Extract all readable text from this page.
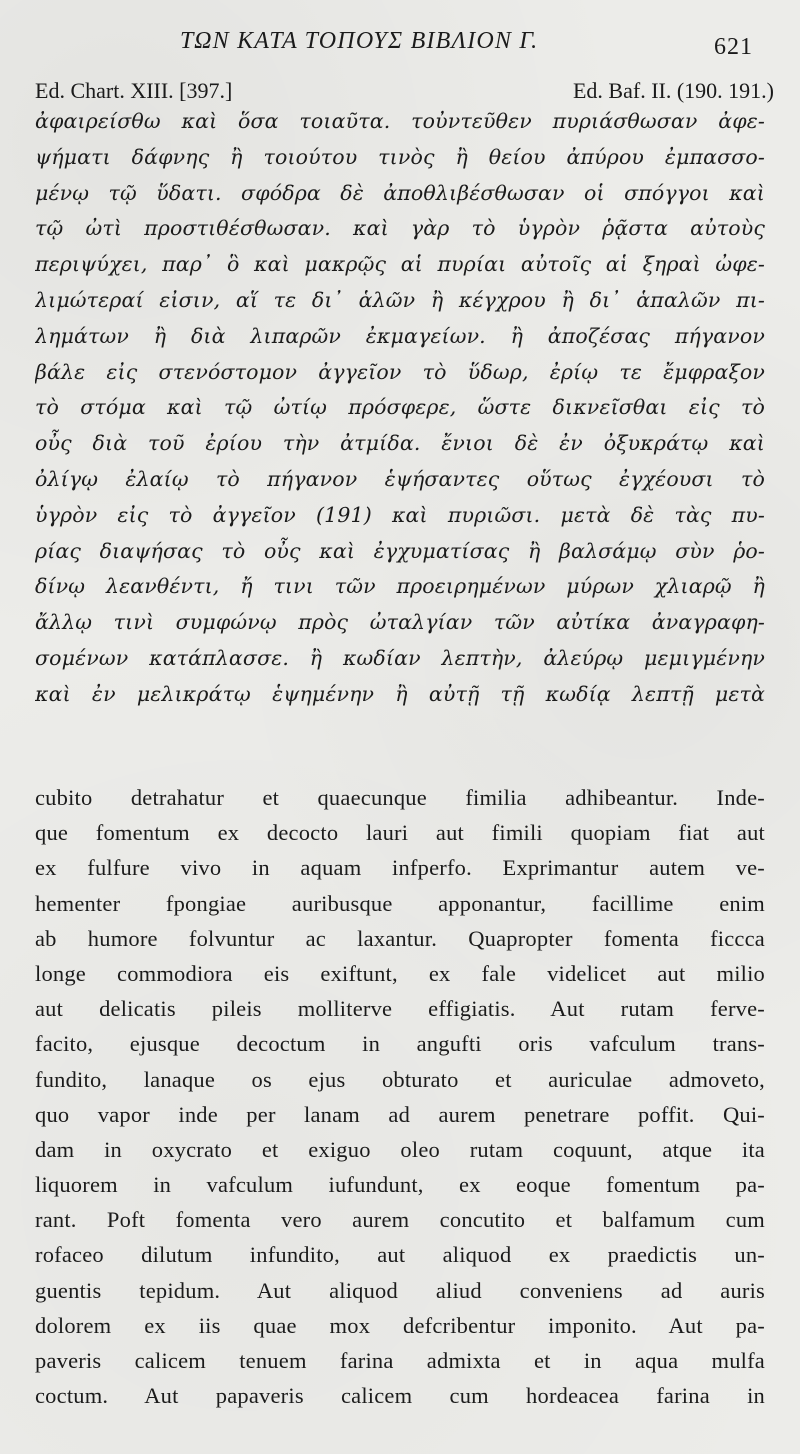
ΤΩΝ ΚΑΤΑ ΤΟΠΟΥΣ ΒΙΒΛΙΟΝ Γ.	621
Ed. Chart. XIII. [397.]	Ed. Baf. II. (190. 191.)
ἀφαιρείσθω καὶ ὅσα τοιαῦτα. τοὐντεῦθεν πυριάσθωσαν ἀφε-
ψήματι δάφνης ἢ τοιούτου τινὸς ἢ θείου ἀπύρου ἐμπασσο-
μένῳ τῷ ὕδατι. σφόδρα δὲ ἀποθλιβέσθωσαν οἱ σπόγγοι καὶ
τῷ ὠτὶ προστιθέσθωσαν. καὶ γὰρ τὸ ὑγρὸν ῥᾷστα αὐτοὺς
περιψύχει, παρ᾿ ὃ καὶ μακρῷς αἱ πυρίαι αὐτοῖς αἱ ξηραὶ ὠφε-
λιμώτεραί εἰσιν, αἵ τε δι᾿ ἁλῶν ἢ κέγχρου ἢ δι᾿ ἁπαλῶν πι-
λημάτων ἢ διὰ λιπαρῶν ἐκμαγείων. ἢ ἀποζέσας πήγανον
βάλε εἰς στενόστομον ἀγγεῖον τὸ ὕδωρ, ἐρίῳ τε ἔμφραξον
τὸ στόμα καὶ τῷ ὠτίῳ πρόσφερε, ὥστε δικνεῖσθαι εἰς τὸ
οὖς διὰ τοῦ ἐρίου τὴν ἀτμίδα. ἔνιοι δὲ ἐν ὀξυκράτῳ καὶ
ὀλίγῳ ἐλαίῳ τὸ πήγανον ἑψήσαντες οὕτως ἐγχέουσι τὸ
ὑγρὸν εἰς τὸ ἀγγεῖον (191) καὶ πυριῶσι. μετὰ δὲ τὰς πυ-
ρίας διαψήσας τὸ οὖς καὶ ἐγχυματίσας ἢ βαλσάμῳ σὺν ῥο-
δίνῳ λεανθέντι, ἤ τινι τῶν προειρημένων μύρων χλιαρῷ ἢ
ἄλλῳ τινὶ συμφώνῳ πρὸς ὠταλγίαν τῶν αὐτίκα ἀναγραφη-
σομένων κατάπλασσε. ἢ κωδίαν λεπτὴν, ἀλεύρῳ μεμιγμένην
καὶ ἐν μελικράτῳ ἑψημένην ἢ αὐτῇ τῇ κωδίᾳ λεπτῇ μετὰ
cubito detrahatur et quaecunque fimilia adhibeantur. Inde-
que fomentum ex decocto lauri aut fimili quopiam fiat aut
ex fulfure vivo in aquam infperfo. Exprimantur autem ve-
hementer fpongiae auribusque apponantur, facillime enim
ab humore folvuntur ac laxantur. Quapropter fomenta ficcca
longe commodiora eis exiftunt, ex fale videlicet aut milio
aut delicatis pileis molliterve effigiatis. Aut rutam ferve-
facito, ejusque decoctum in angufti oris vafculum trans-
fundito, lanaque os ejus obturato et auriculae admoveto,
quo vapor inde per lanam ad aurem penetrare poffit. Qui-
dam in oxycrato et exiguo oleo rutam coquunt, atque ita
liquorem in vafculum iufundunt, ex eoque fomentum pa-
rant. Poft fomenta vero aurem concutito et balfamum cum
rofaceo dilutum infundito, aut aliquod ex praedictis un-
guentis tepidum. Aut aliquod aliud conveniens ad auris
dolorem ex iis quae mox defcribentur imponito. Aut pa-
paveris calicem tenuem farina admixta et in aqua mulfa
coctum. Aut papaveris calicem cum hordeacea farina in
